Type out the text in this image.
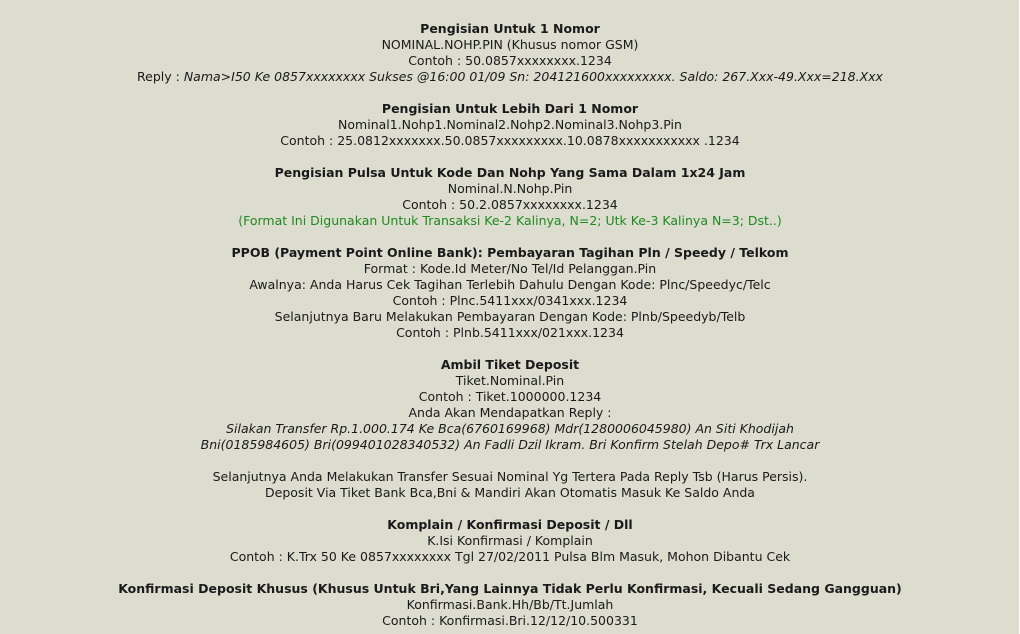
Pengisian Untuk 1 Nomor
NOMINAL.NOHP.PIN (Khusus nomor GSM)
Contoh : 50.0857xxxxxxxx.1234
Reply : Nama>I50 Ke 0857xxxxxxxx Sukses @16:00 01/09 Sn: 204121600xxxxxxxxx. Saldo: 267.Xxx-49.Xxx=218.Xxx
Pengisian Untuk Lebih Dari 1 Nomor
Nominal1.Nohp1.Nominal2.Nohp2.Nominal3.Nohp3.Pin
Contoh : 25.0812xxxxxxx.50.0857xxxxxxxxx.10.0878xxxxxxxxxxx .1234
Pengisian Pulsa Untuk Kode Dan Nohp Yang Sama Dalam 1x24 Jam
Nominal.N.Nohp.Pin
Contoh : 50.2.0857xxxxxxxx.1234
(Format Ini Digunakan Untuk Transaksi Ke-2 Kalinya, N=2; Utk Ke-3 Kalinya N=3; Dst..)
PPOB (Payment Point Online Bank): Pembayaran Tagihan Pln / Speedy / Telkom
Format : Kode.Id Meter/No Tel/Id Pelanggan.Pin
Awalnya: Anda Harus Cek Tagihan Terlebih Dahulu Dengan Kode: Plnc/Speedyc/Telc
Contoh : Plnc.5411xxx/0341xxx.1234
Selanjutnya Baru Melakukan Pembayaran Dengan Kode: Plnb/Speedyb/Telb
Contoh : Plnb.5411xxx/021xxx.1234
Ambil Tiket Deposit
Tiket.Nominal.Pin
Contoh : Tiket.1000000.1234
Anda Akan Mendapatkan Reply :
Silakan Transfer Rp.1.000.174 Ke Bca(6760169968) Mdr(1280006045980) An Siti Khodijah
Bni(0185984605) Bri(099401028340532) An Fadli Dzil Ikram. Bri Konfirm Stelah Depo# Trx Lancar
Selanjutnya Anda Melakukan Transfer Sesuai Nominal Yg Tertera Pada Reply Tsb (Harus Persis).
Deposit Via Tiket Bank Bca,Bni & Mandiri Akan Otomatis Masuk Ke Saldo Anda
Komplain / Konfirmasi Deposit / Dll
K.Isi Konfirmasi / Komplain
Contoh : K.Trx 50 Ke 0857xxxxxxxx Tgl 27/02/2011 Pulsa Blm Masuk, Mohon Dibantu Cek
Konfirmasi Deposit Khusus (Khusus Untuk Bri,Yang Lainnya Tidak Perlu Konfirmasi, Kecuali Sedang Gangguan)
Konfirmasi.Bank.Hh/Bb/Tt.Jumlah
Contoh : Konfirmasi.Bri.12/12/10.500331
